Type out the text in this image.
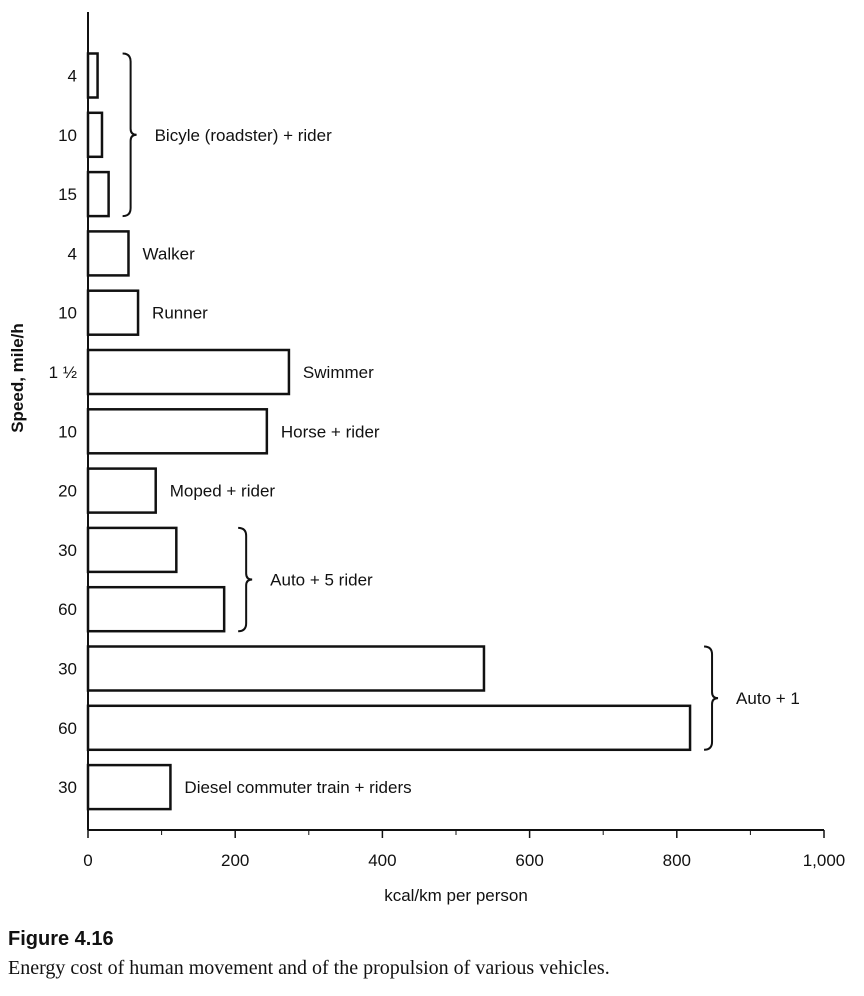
0	200	400	600	800	1,000
4
10
15
4
10
1 ½
10
20
30
60
30
60
30
Bicyle (roadster) + rider
Walker
Runner
Swimmer
Horse + rider
Moped + rider
Auto + 5 rider
Auto + 1
Diesel commuter train + riders
kcal/km per person
Speed, mile/h
Figure 4.16
Energy cost of human movement and of the propulsion of various vehicles.
